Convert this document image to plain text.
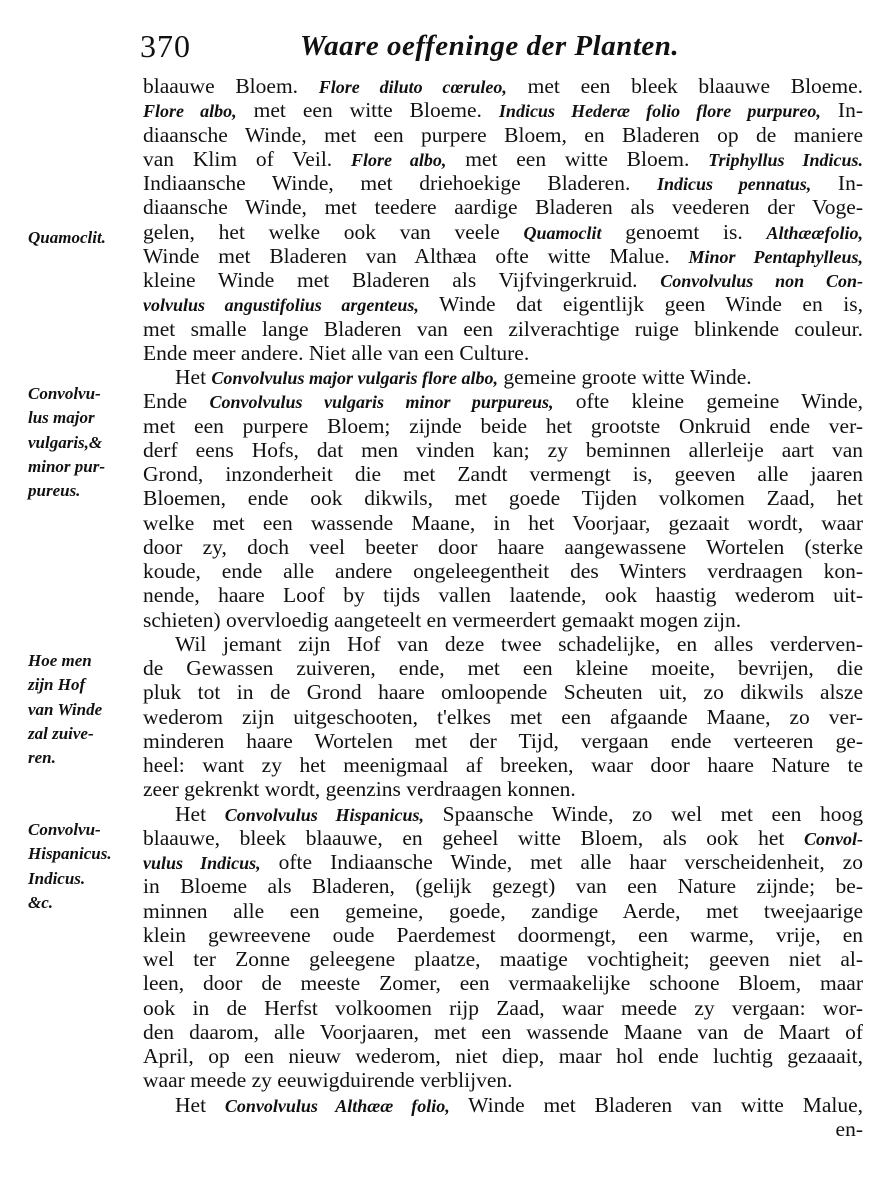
370	Waare oeffeninge der Planten.
Quamoclit.
Convolvu-
lus major
vulgaris,&
minor pur-
pureus.
Hoe men
zijn Hof
van Winde
zal zuive-
ren.
Convolvu-
Hispanicus.
Indicus.
&c.
blaauwe Bloem. Flore diluto cœruleo, met een bleek blaauwe Bloeme.
Flore albo, met een witte Bloeme. Indicus Hederæ folio flore purpureo, In-
diaansche Winde, met een purpere Bloem, en Bladeren op de maniere
van Klim of Veil. Flore albo, met een witte Bloem. Triphyllus Indicus.
Indiaansche Winde, met driehoekige Bladeren. Indicus pennatus, In-
diaansche Winde, met teedere aardige Bladeren als veederen der Voge-
gelen, het welke ook van veele Quamoclit genoemt is. Althææfolio,
Winde met Bladeren van Althæa ofte witte Malue. Minor Pentaphylleus,
kleine Winde met Bladeren als Vijfvingerkruid. Convolvulus non Con-
volvulus angustifolius argenteus, Winde dat eigentlijk geen Winde en is,
met smalle lange Bladeren van een zilverachtige ruige blinkende couleur.
Ende meer andere. Niet alle van een Culture.
Het Convolvulus major vulgaris flore albo, gemeine groote witte Winde.
Ende Convolvulus vulgaris minor purpureus, ofte kleine gemeine Winde,
met een purpere Bloem; zijnde beide het grootste Onkruid ende ver-
derf eens Hofs, dat men vinden kan; zy beminnen allerleije aart van
Grond, inzonderheit die met Zandt vermengt is, geeven alle jaaren
Bloemen, ende ook dikwils, met goede Tijden volkomen Zaad, het
welke met een wassende Maane, in het Voorjaar, gezaait wordt, waar
door zy, doch veel beeter door haare aangewassene Wortelen (sterke
koude, ende alle andere ongeleegentheit des Winters verdraagen kon-
nende, haare Loof by tijds vallen laatende, ook haastig wederom uit-
schieten) overvloedig aangeteelt en vermeerdert gemaakt mogen zijn.
Wil jemant zijn Hof van deze twee schadelijke, en alles verderven-
de Gewassen zuiveren, ende, met een kleine moeite, bevrijen, die
pluk tot in de Grond haare omloopende Scheuten uit, zo dikwils alsze
wederom zijn uitgeschooten, t'elkes met een afgaande Maane, zo ver-
minderen haare Wortelen met der Tijd, vergaan ende verteeren ge-
heel: want zy het meenigmaal af breeken, waar door haare Nature te
zeer gekrenkt wordt, geenzins verdraagen konnen.
Het Convolvulus Hispanicus, Spaansche Winde, zo wel met een hoog
blaauwe, bleek blaauwe, en geheel witte Bloem, als ook het Convol-
vulus Indicus, ofte Indiaansche Winde, met alle haar verscheidenheit, zo
in Bloeme als Bladeren, (gelijk gezegt) van een Nature zijnde; be-
minnen alle een gemeine, goede, zandige Aerde, met tweejaarige
klein gewreevene oude Paerdemest doormengt, een warme, vrije, en
wel ter Zonne geleegene plaatze, maatige vochtigheit; geeven niet al-
leen, door de meeste Zomer, een vermaakelijke schoone Bloem, maar
ook in de Herfst volkoomen rijp Zaad, waar meede zy vergaan: wor-
den daarom, alle Voorjaaren, met een wassende Maane van de Maart of
April, op een nieuw wederom, niet diep, maar hol ende luchtig gezaaait,
waar meede zy eeuwigduirende verblijven.
Het Convolvulus Althææ folio, Winde met Bladeren van witte Malue,
en-
